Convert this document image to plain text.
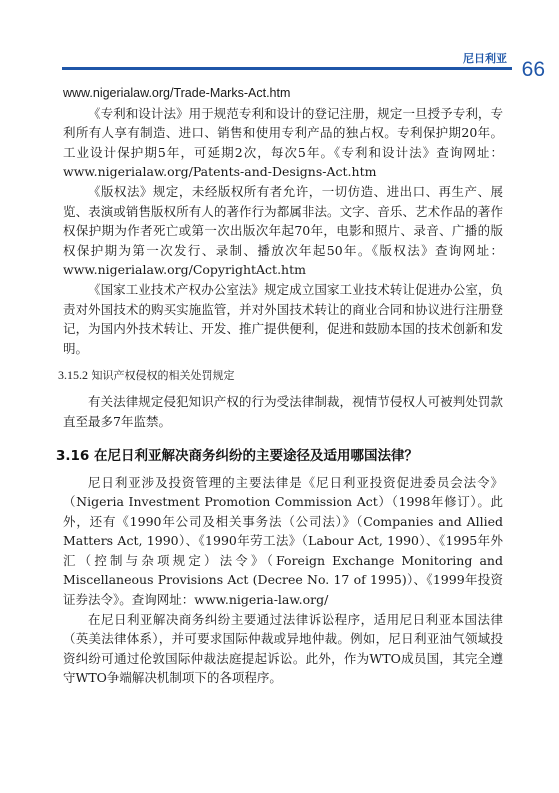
尼日利亚 66

www.nigerialaw.org/Trade-Marks-Act.htm

《专利和设计法》用于规范专利和设计的登记注册，规定一旦授予专利，专利所有人享有制造、进口、销售和使用专利产品的独占权。专利保护期20年。工业设计保护期5年，可延期2次，每次5年。《专利和设计法》查询网址：www.nigerialaw.org/Patents-and-Designs-Act.htm

《版权法》规定，未经版权所有者允许，一切仿造、进出口、再生产、展览、表演或销售版权所有人的著作行为都属非法。文字、音乐、艺术作品的著作权保护期为作者死亡或第一次出版次年起70年，电影和照片、录音、广播的版权保护期为第一次发行、录制、播放次年起50年。《版权法》查询网址：www.nigerialaw.org/CopyrightAct.htm

《国家工业技术产权办公室法》规定成立国家工业技术转让促进办公室，负责对外国技术的购买实施监管，并对外国技术转让的商业合同和协议进行注册登记，为国内外技术转让、开发、推广提供便利，促进和鼓励本国的技术创新和发明。

3.15.2 知识产权侵权的相关处罚规定

有关法律规定侵犯知识产权的行为受法律制裁，视情节侵权人可被判处罚款直至最多7年监禁。

3.16 在尼日利亚解决商务纠纷的主要途径及适用哪国法律？

尼日利亚涉及投资管理的主要法律是《尼日利亚投资促进委员会法令》（Nigeria Investment Promotion Commission Act）（1998年修订）。此外，还有《1990年公司及相关事务法（公司法）》（Companies and Allied Matters Act, 1990）、《1990年劳工法》（Labour Act, 1990）、《1995年外汇（控制与杂项规定）法令》（Foreign Exchange Monitoring and Miscellaneous Provisions Act (Decree No. 17 of 1995)）、《1999年投资证券法令》。查询网址：www.nigeria-law.org/

在尼日利亚解决商务纠纷主要通过法律诉讼程序，适用尼日利亚本国法律（英美法律体系），并可要求国际仲裁或异地仲裁。例如，尼日利亚油气领域投资纠纷可通过伦敦国际仲裁法庭提起诉讼。此外，作为WTO成员国，其完全遵守WTO争端解决机制项下的各项程序。
